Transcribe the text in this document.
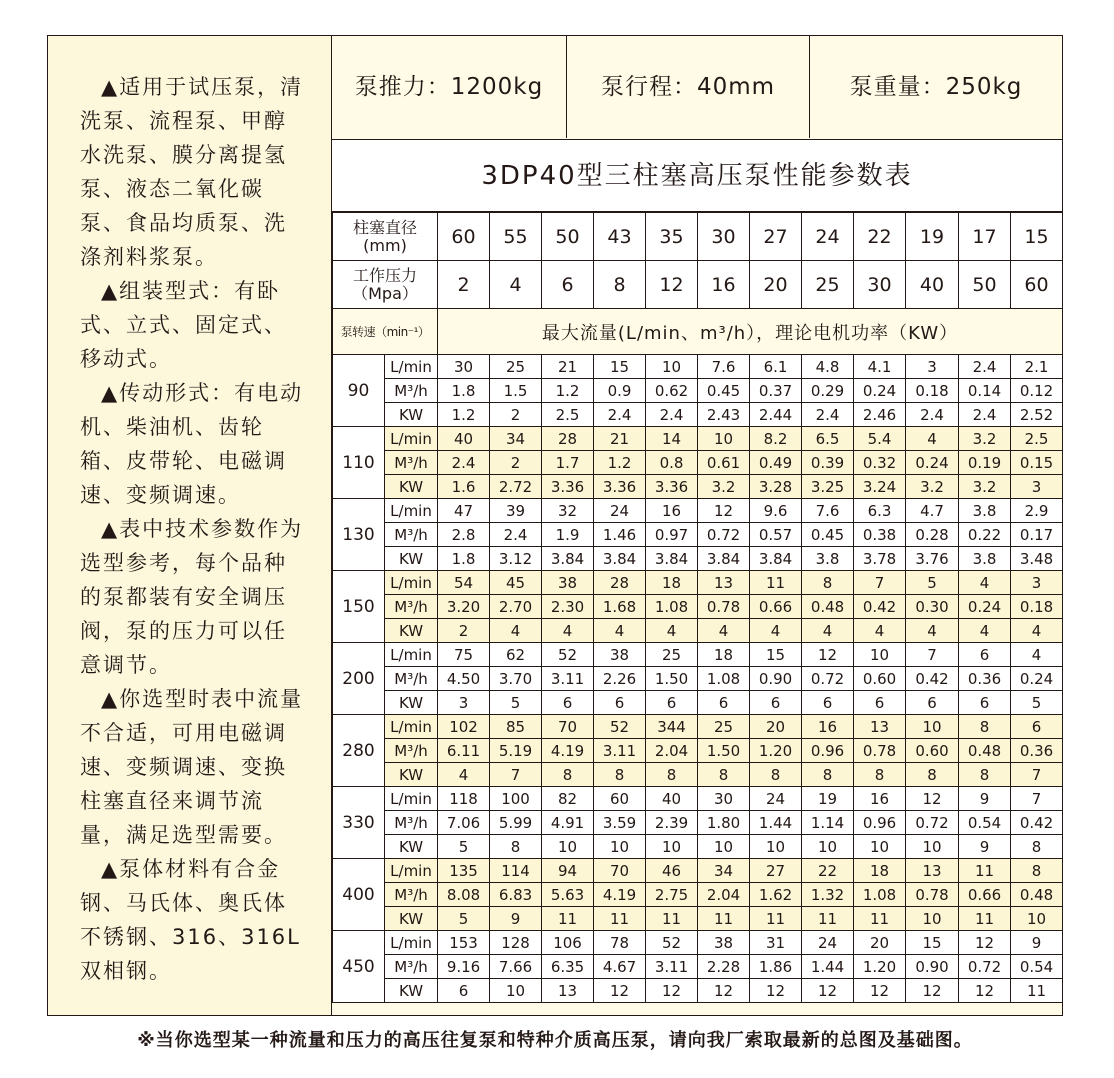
▲适用于试压泵，清洗泵、流程泵、甲醇水洗泵、膜分离提氢泵、液态二氧化碳泵、食品均质泵、洗涤剂料浆泵。

▲组装型式：有卧式、立式、固定式、移动式。

▲传动形式：有电动机、柴油机、齿轮箱、皮带轮、电磁调速、变频调速。

▲表中技术参数作为选型参考，每个品种的泵都装有安全调压阀，泵的压力可以任意调节。

▲你选型时表中流量不合适，可用电磁调速、变频调速、变换柱塞直径来调节流量，满足选型需要。

▲泵体材料有合金钢、马氏体、奥氏体不锈钢、316、316L双相钢。

泵推力：1200kg	泵行程：40mm	泵重量：250kg
3DP40型三柱塞高压泵性能参数表
柱塞直径
(mm)		60	55	50	43	35	30	27	24	22	19	17	15
工作压力
（Mpa）		2	4	6	8	12	16	20	25	30	40	50	60
泵转速（min⁻¹）		最大流量(L/min、m³/h），理论电机功率（KW）											
90	L/min	30	25	21	15	10	7.6	6.1	4.8	4.1	3	2.4	2.1
	M³/h	1.8	1.5	1.2	0.9	0.62	0.45	0.37	0.29	0.24	0.18	0.14	0.12
	KW	1.2	2	2.5	2.4	2.4	2.43	2.44	2.4	2.46	2.4	2.4	2.52
110	L/min	40	34	28	21	14	10	8.2	6.5	5.4	4	3.2	2.5
	M³/h	2.4	2	1.7	1.2	0.8	0.61	0.49	0.39	0.32	0.24	0.19	0.15
	KW	1.6	2.72	3.36	3.36	3.36	3.2	3.28	3.25	3.24	3.2	3.2	3
130	L/min	47	39	32	24	16	12	9.6	7.6	6.3	4.7	3.8	2.9
	M³/h	2.8	2.4	1.9	1.46	0.97	0.72	0.57	0.45	0.38	0.28	0.22	0.17
	KW	1.8	3.12	3.84	3.84	3.84	3.84	3.84	3.8	3.78	3.76	3.8	3.48
150	L/min	54	45	38	28	18	13	11	8	7	5	4	3
	M³/h	3.20	2.70	2.30	1.68	1.08	0.78	0.66	0.48	0.42	0.30	0.24	0.18
	KW	2	4	4	4	4	4	4	4	4	4	4	4
200	L/min	75	62	52	38	25	18	15	12	10	7	6	4
	M³/h	4.50	3.70	3.11	2.26	1.50	1.08	0.90	0.72	0.60	0.42	0.36	0.24
	KW	3	5	6	6	6	6	6	6	6	6	6	5
280	L/min	102	85	70	52	344	25	20	16	13	10	8	6
	M³/h	6.11	5.19	4.19	3.11	2.04	1.50	1.20	0.96	0.78	0.60	0.48	0.36
	KW	4	7	8	8	8	8	8	8	8	8	8	7
330	L/min	118	100	82	60	40	30	24	19	16	12	9	7
	M³/h	7.06	5.99	4.91	3.59	2.39	1.80	1.44	1.14	0.96	0.72	0.54	0.42
	KW	5	8	10	10	10	10	10	10	10	10	9	8
400	L/min	135	114	94	70	46	34	27	22	18	13	11	8
	M³/h	8.08	6.83	5.63	4.19	2.75	2.04	1.62	1.32	1.08	0.78	0.66	0.48
	KW	5	9	11	11	11	11	11	11	11	10	11	10
450	L/min	153	128	106	78	52	38	31	24	20	15	12	9
	M³/h	9.16	7.66	6.35	4.67	3.11	2.28	1.86	1.44	1.20	0.90	0.72	0.54
	KW	6	10	13	12	12	12	12	12	12	12	12	11
※当你选型某一种流量和压力的高压往复泵和特种介质高压泵，请向我厂索取最新的总图及基础图。
